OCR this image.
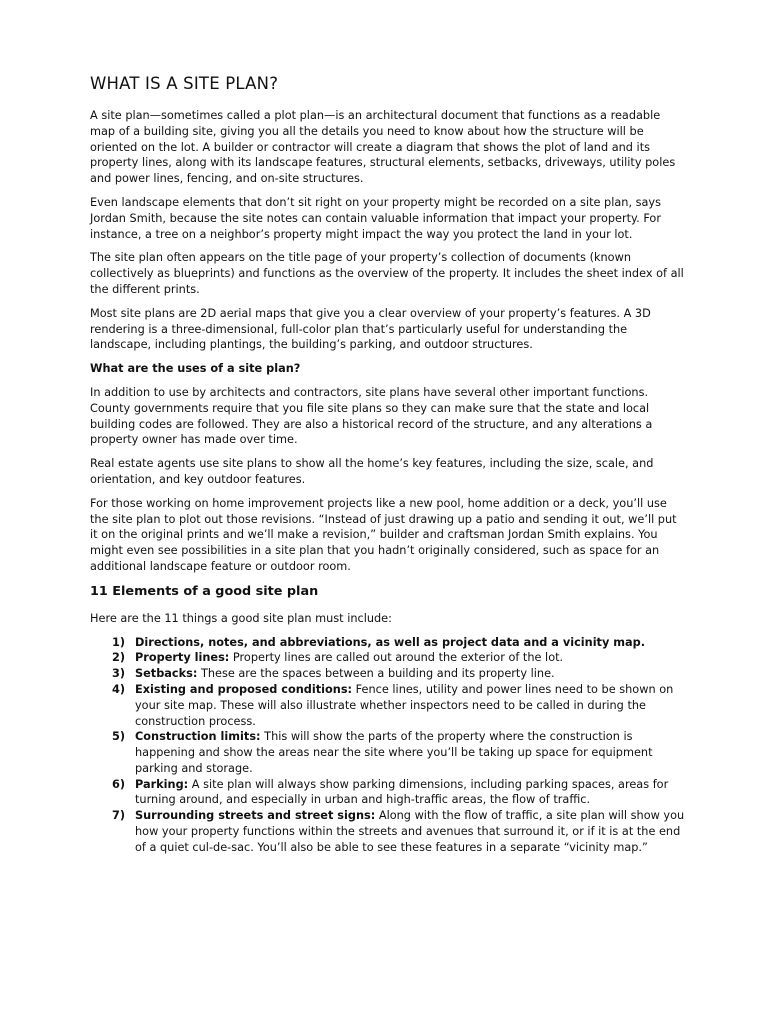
WHAT IS A SITE PLAN?

A site plan—sometimes called a plot plan—is an architectural document that functions as a readable map of a building site, giving you all the details you need to know about how the structure will be oriented on the lot. A builder or contractor will create a diagram that shows the plot of land and its property lines, along with its landscape features, structural elements, setbacks, driveways, utility poles and power lines, fencing, and on-site structures.

Even landscape elements that don’t sit right on your property might be recorded on a site plan, says Jordan Smith, because the site notes can contain valuable information that impact your property. For instance, a tree on a neighbor’s property might impact the way you protect the land in your lot.

The site plan often appears on the title page of your property’s collection of documents (known collectively as blueprints) and functions as the overview of the property. It includes the sheet index of all the different prints.

Most site plans are 2D aerial maps that give you a clear overview of your property’s features. A 3D rendering is a three-dimensional, full-color plan that’s particularly useful for understanding the landscape, including plantings, the building’s parking, and outdoor structures.

What are the uses of a site plan?

In addition to use by architects and contractors, site plans have several other important functions. County governments require that you file site plans so they can make sure that the state and local building codes are followed. They are also a historical record of the structure, and any alterations a property owner has made over time.

Real estate agents use site plans to show all the home’s key features, including the size, scale, and orientation, and key outdoor features.

For those working on home improvement projects like a new pool, home addition or a deck, you’ll use the site plan to plot out those revisions. “Instead of just drawing up a patio and sending it out, we’ll put it on the original prints and we’ll make a revision,” builder and craftsman Jordan Smith explains. You might even see possibilities in a site plan that you hadn’t originally considered, such as space for an additional landscape feature or outdoor room.

11 Elements of a good site plan

Here are the 11 things a good site plan must include:

1) Directions, notes, and abbreviations, as well as project data and a vicinity map.
2) Property lines: Property lines are called out around the exterior of the lot.
3) Setbacks: These are the spaces between a building and its property line.
4) Existing and proposed conditions: Fence lines, utility and power lines need to be shown on your site map. These will also illustrate whether inspectors need to be called in during the construction process.
5) Construction limits: This will show the parts of the property where the construction is happening and show the areas near the site where you’ll be taking up space for equipment parking and storage.
6) Parking: A site plan will always show parking dimensions, including parking spaces, areas for turning around, and especially in urban and high-traffic areas, the flow of traffic.
7) Surrounding streets and street signs: Along with the flow of traffic, a site plan will show you how your property functions within the streets and avenues that surround it, or if it is at the end of a quiet cul-de-sac. You’ll also be able to see these features in a separate “vicinity map.”
